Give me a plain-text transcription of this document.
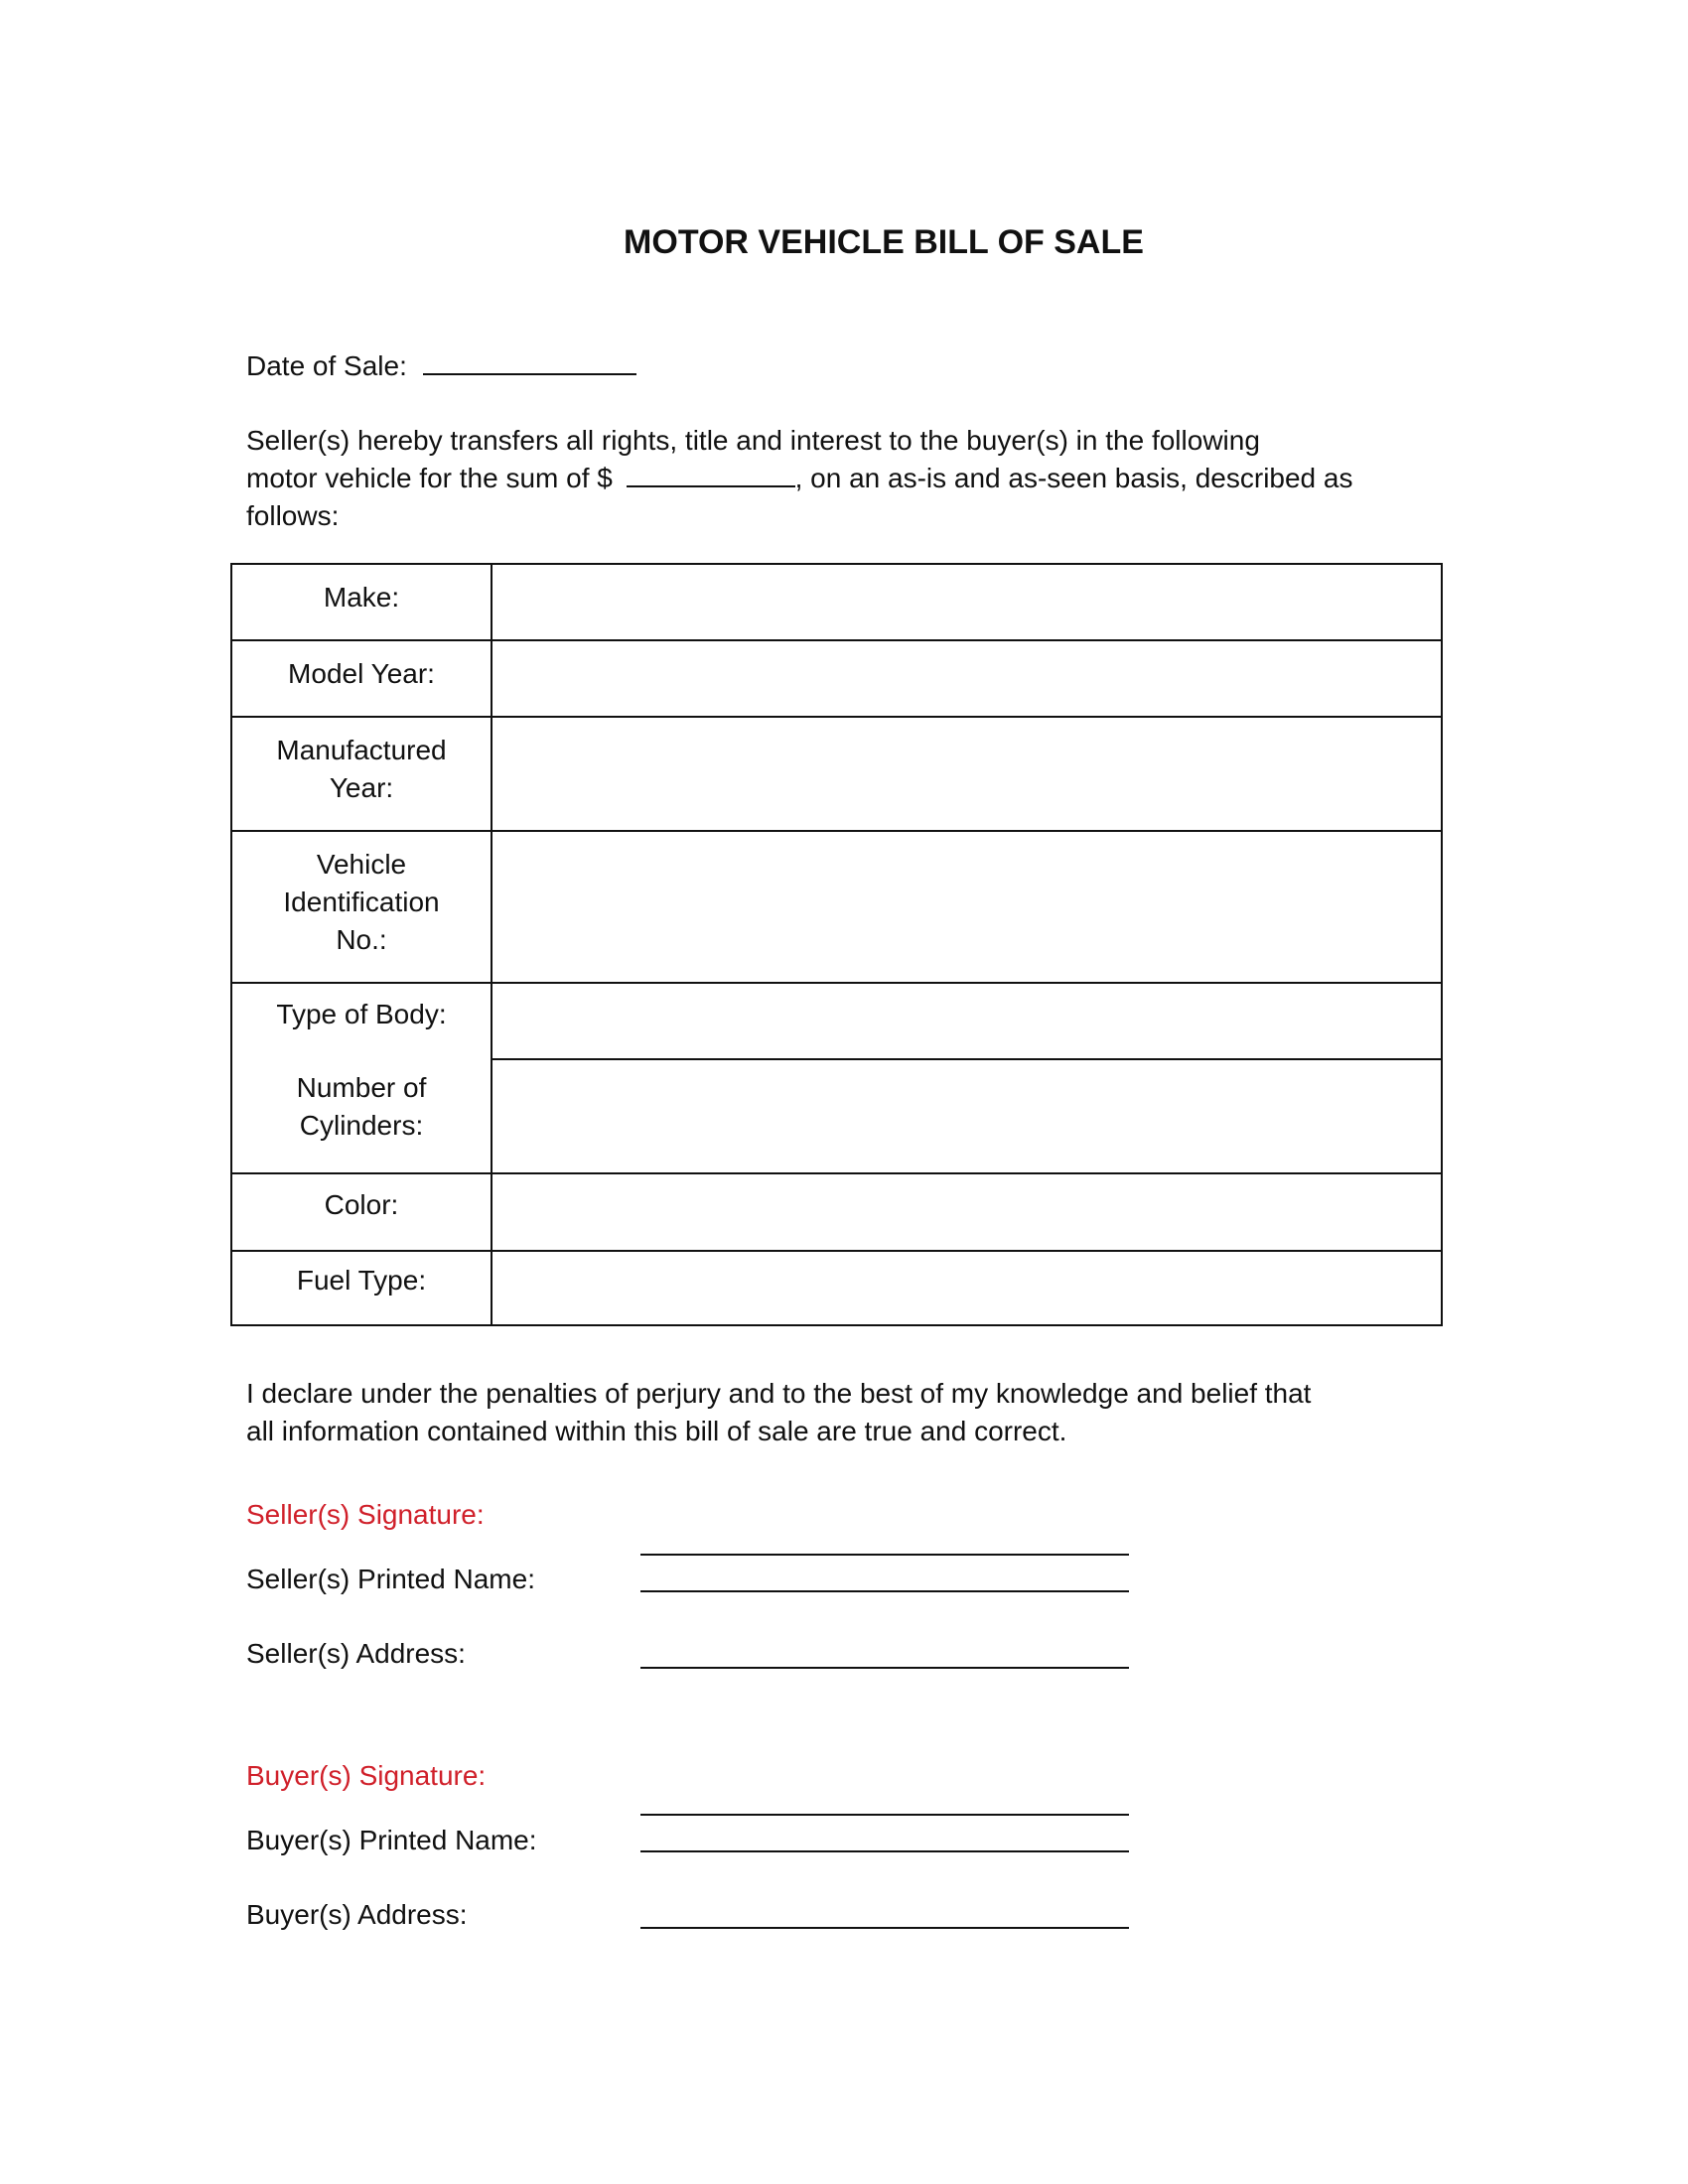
MOTOR VEHICLE BILL OF SALE
Date of Sale:
Seller(s) hereby transfers all rights, title and interest to the buyer(s) in the following
motor vehicle for the sum of $	, on an as-is and as-seen basis, described as
follows:
Make:	
Model Year:	

Manufactured
Year:	

Vehicle
Identification
No.:	

Type of Body:	

Number of
Cylinders:	

Color:	
Fuel Type:	
I declare under the penalties of perjury and to the best of my knowledge and belief that
all information contained within this bill of sale are true and correct.
Seller(s) Signature:
Seller(s) Printed Name:
Seller(s) Address:
Buyer(s) Signature:
Buyer(s) Printed Name:
Buyer(s) Address:
